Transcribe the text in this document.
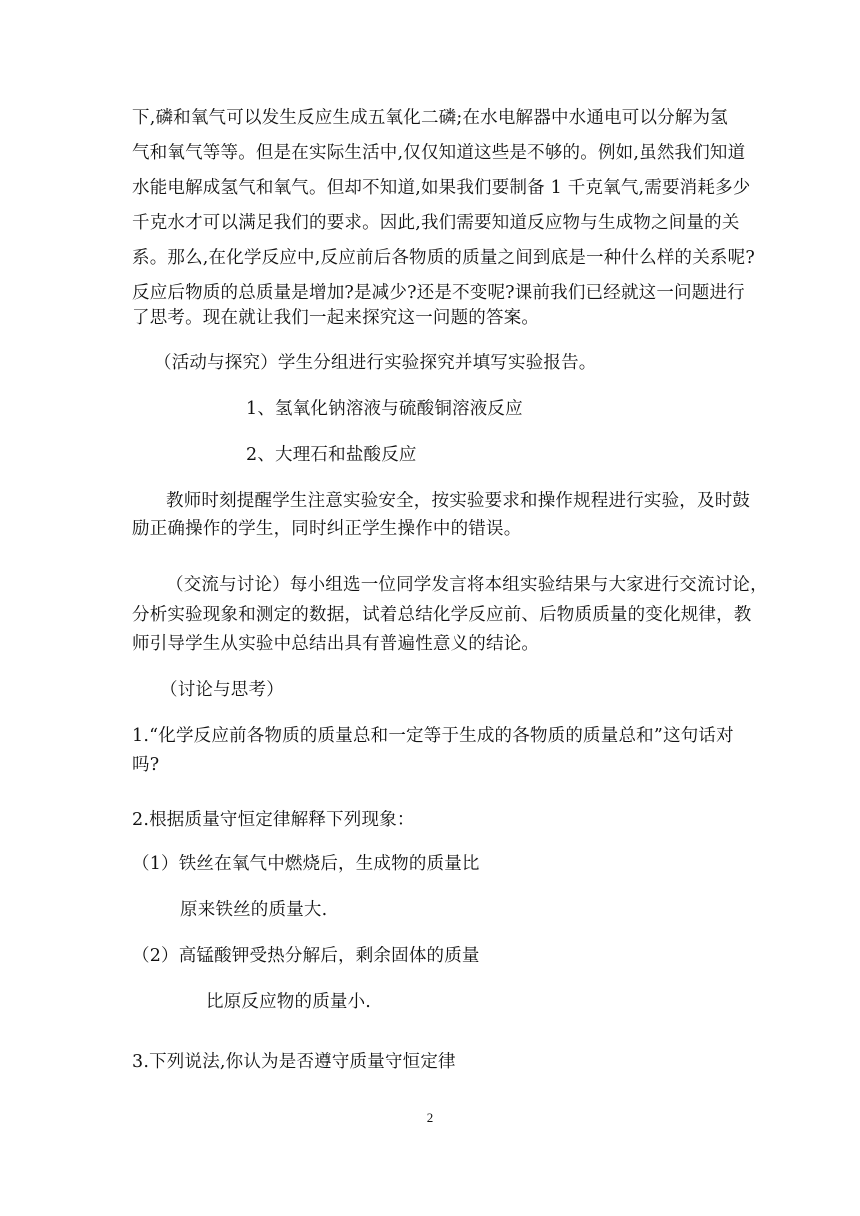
下,磷和氧气可以发生反应生成五氧化二磷;在水电解器中水通电可以分解为氢
气和氧气等等。但是在实际生活中,仅仅知道这些是不够的。例如,虽然我们知道
水能电解成氢气和氧气。但却不知道,如果我们要制备 1 千克氧气,需要消耗多少
千克水才可以满足我们的要求。因此,我们需要知道反应物与生成物之间量的关
系。那么,在化学反应中,反应前后各物质的质量之间到底是一种什么样的关系呢?
反应后物质的总质量是增加?是减少?还是不变呢?课前我们已经就这一问题进行
了思考。现在就让我们一起来探究这一问题的答案。
（活动与探究）学生分组进行实验探究并填写实验报告。
1、氢氧化钠溶液与硫酸铜溶液反应
2、大理石和盐酸反应
教师时刻提醒学生注意实验安全，按实验要求和操作规程进行实验，及时鼓
励正确操作的学生，同时纠正学生操作中的错误。
（交流与讨论）每小组选一位同学发言将本组实验结果与大家进行交流讨论，
分析实验现象和测定的数据，试着总结化学反应前、后物质质量的变化规律，教
师引导学生从实验中总结出具有普遍性意义的结论。
（讨论与思考）
1.“化学反应前各物质的质量总和一定等于生成的各物质的质量总和”这句话对
吗?
2.根据质量守恒定律解释下列现象：
（1）铁丝在氧气中燃烧后，生成物的质量比
原来铁丝的质量大.
（2）高锰酸钾受热分解后，剩余固体的质量
比原反应物的质量小.
3.下列说法,你认为是否遵守质量守恒定律
2
